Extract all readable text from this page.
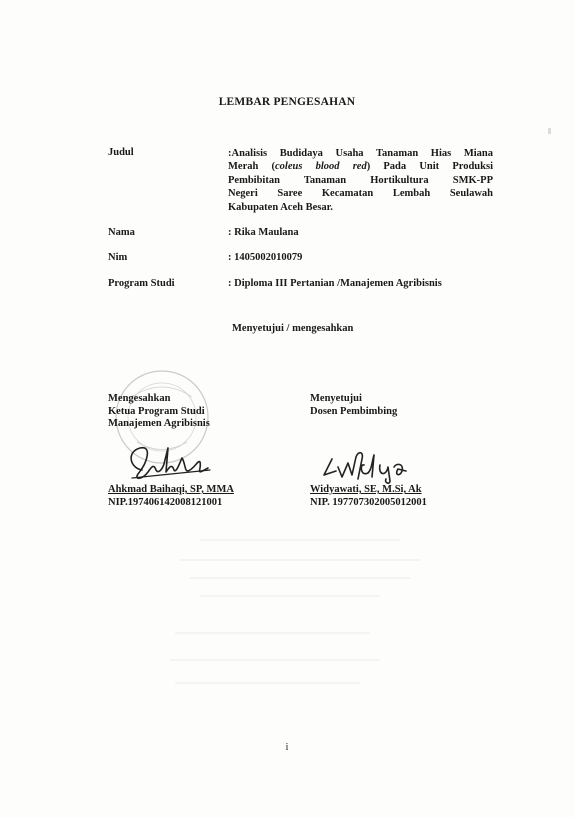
LEMBAR PENGESAHAN
Judul	:Analisis Budidaya Usaha Tanaman Hias Miana
Merah (coleus blood red) Pada Unit Produksi
Pembibitan Tanaman Hortikultura SMK-PP
Negeri Saree Kecamatan Lembah Seulawah
Kabupaten Aceh Besar.
Nama	: Rika Maulana
Nim	: 1405002010079
Program Studi	: Diploma III Pertanian /Manajemen Agribisnis
Menyetujui / mengesahkan
Mengesahkan
Ketua Program Studi
Manajemen Agribisnis
Ahkmad Baihaqi, SP, MMA
NIP.197406142008121001
Menyetujui
Dosen Pembimbing
Widyawati, SE, M.Si, Ak
NIP. 197707302005012001
i
